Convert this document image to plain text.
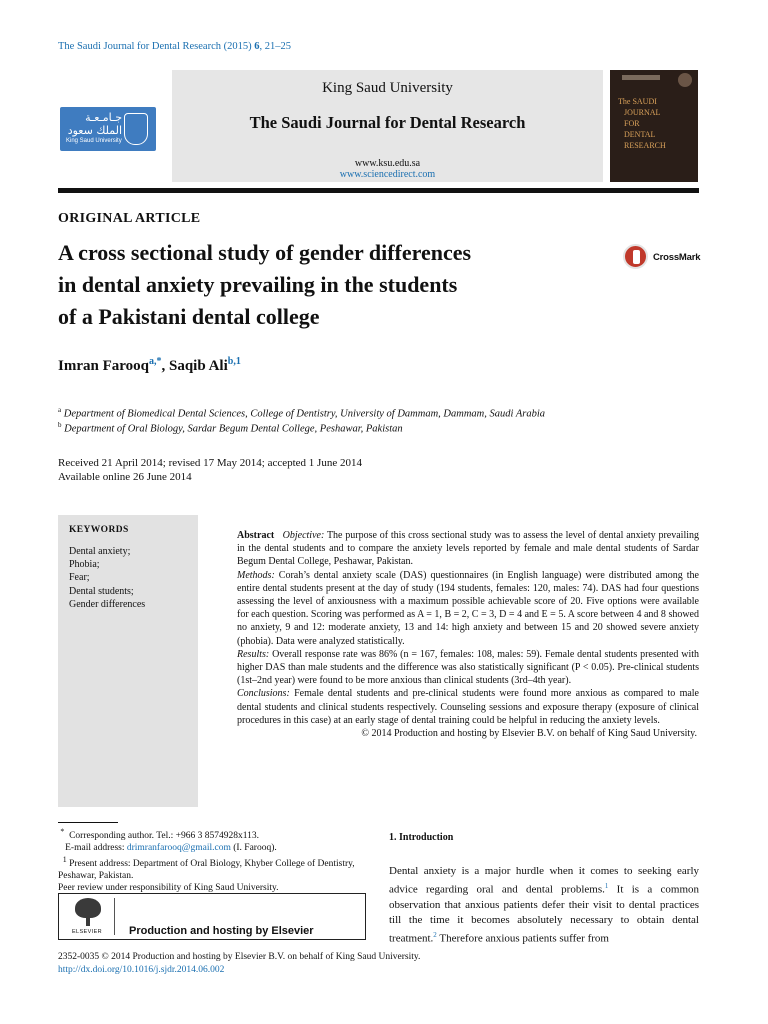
The Saudi Journal for Dental Research (2015) 6, 21–25
جـامـعـة
الملك سعود
King Saud University
King Saud University
The Saudi Journal for Dental Research
www.ksu.edu.sa
www.sciencedirect.com
The SAUDI
JOURNAL
FOR
DENTAL
RESEARCH
ORIGINAL ARTICLE
A cross sectional study of gender differences
in dental anxiety prevailing in the students
of a Pakistani dental college
CrossMark
Imran Farooq$^{a,*}$, Saqib Ali$^{b,1}$
$^a$ Department of Biomedical Dental Sciences, College of Dentistry, University of Dammam, Dammam, Saudi Arabia
$^b$ Department of Oral Biology, Sardar Begum Dental College, Peshawar, Pakistan
Received 21 April 2014; revised 17 May 2014; accepted 1 June 2014
Available online 26 June 2014
KEYWORDS
Dental anxiety;
Phobia;
Fear;
Dental students;
Gender differences

Abstract Objective: The purpose of this cross sectional study was to assess the level of dental anxiety prevailing in the dental students and to compare the anxiety levels reported by female and male dental students of Sardar Begum Dental College, Peshawar, Pakistan.

Methods: Corah’s dental anxiety scale (DAS) questionnaires (in English language) were distributed among the entire dental students present at the day of study (194 students, females: 120, males: 74). DAS had four questions assessing the level of anxiousness with a maximum possible achievable score of 20. Five options were available for each question. Scoring was performed as A = 1, B = 2, C = 3, D = 4 and E = 5. A score between 4 and 8 showed no anxiety, 9 and 12: moderate anxiety, 13 and 14: high anxiety and between 15 and 20 showed severe anxiety (phobia). Data were analyzed statistically.

Results: Overall response rate was 86% (n = 167, females: 108, males: 59). Female dental students presented with higher DAS than male students and the difference was also statistically significant (P < 0.05). Pre-clinical students (1st–2nd year) were found to be more anxious than clinical students (3rd–4th year).

Conclusions: Female dental students and pre-clinical students were found more anxious as compared to male dental students and clinical students respectively. Counseling sessions and exposure therapy (exposure of clinical procedures in this case) at an early stage of dental training could be helpful in reducing the anxiety levels.

© 2014 Production and hosting by Elsevier B.V. on behalf of King Saud University.

* Corresponding author. Tel.: +966 3 8574928x113.

E-mail address: drimranfarooq@gmail.com (I. Farooq).

$^1$ Present address: Department of Oral Biology, Khyber College of Dentistry, Peshawar, Pakistan.

Peer review under responsibility of King Saud University.

ELSEVIER	Production and hosting by Elsevier
1. Introduction
Dental anxiety is a major hurdle when it comes to seeking early advice regarding oral and dental problems.$^1$ It is a common observation that anxious patients defer their visit to dental practices till the time it becomes absolutely necessary to obtain dental treatment.$^2$ Therefore anxious patients suffer from
2352-0035 © 2014 Production and hosting by Elsevier B.V. on behalf of King Saud University.
http://dx.doi.org/10.1016/j.sjdr.2014.06.002
